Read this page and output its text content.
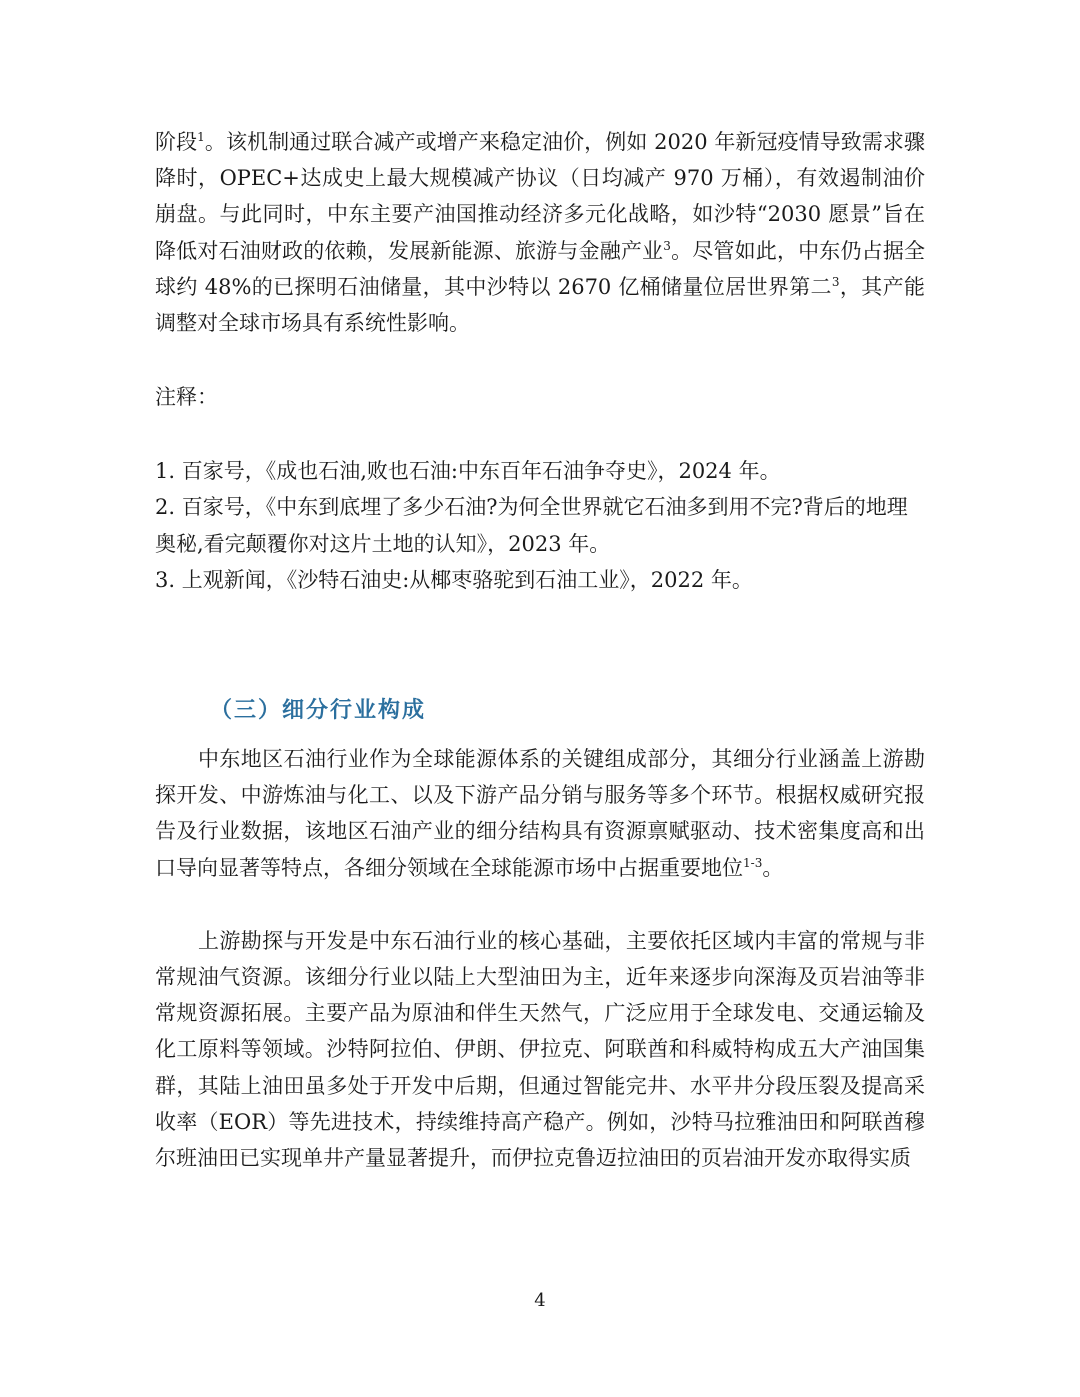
阶段$^1$。该机制通过联合减产或增产来稳定油价，例如 2020 年新冠疫情导致需求骤降时，OPEC+达成史上最大规模减产协议（日均减产 970 万桶），有效遏制油价崩盘。与此同时，中东主要产油国推动经济多元化战略，如沙特“2030 愿景”旨在降低对石油财政的依赖，发展新能源、旅游与金融产业$^3$。尽管如此，中东仍占据全球约 48%的已探明石油储量，其中沙特以 2670 亿桶储量位居世界第二$^3$，其产能调整对全球市场具有系统性影响。

注释：

1. 百家号，《成也石油,败也石油:中东百年石油争夺史》，2024 年。

2. 百家号，《中东到底埋了多少石油?为何全世界就它石油多到用不完?背后的地理奥秘,看完颠覆你对这片土地的认知》，2023 年。

3. 上观新闻，《沙特石油史:从椰枣骆驼到石油工业》，2022 年。

（三）细分行业构成

中东地区石油行业作为全球能源体系的关键组成部分，其细分行业涵盖上游勘探开发、中游炼油与化工、以及下游产品分销与服务等多个环节。根据权威研究报告及行业数据，该地区石油产业的细分结构具有资源禀赋驱动、技术密集度高和出口导向显著等特点，各细分领域在全球能源市场中占据重要地位$^{1-3}$。

上游勘探与开发是中东石油行业的核心基础，主要依托区域内丰富的常规与非常规油气资源。该细分行业以陆上大型油田为主，近年来逐步向深海及页岩油等非常规资源拓展。主要产品为原油和伴生天然气，广泛应用于全球发电、交通运输及化工原料等领域。沙特阿拉伯、伊朗、伊拉克、阿联酋和科威特构成五大产油国集群，其陆上油田虽多处于开发中后期，但通过智能完井、水平井分段压裂及提高采收率（EOR）等先进技术，持续维持高产稳产。例如，沙特马拉雅油田和阿联酋穆尔班油田已实现单井产量显著提升，而伊拉克鲁迈拉油田的页岩油开发亦取得实质

4
